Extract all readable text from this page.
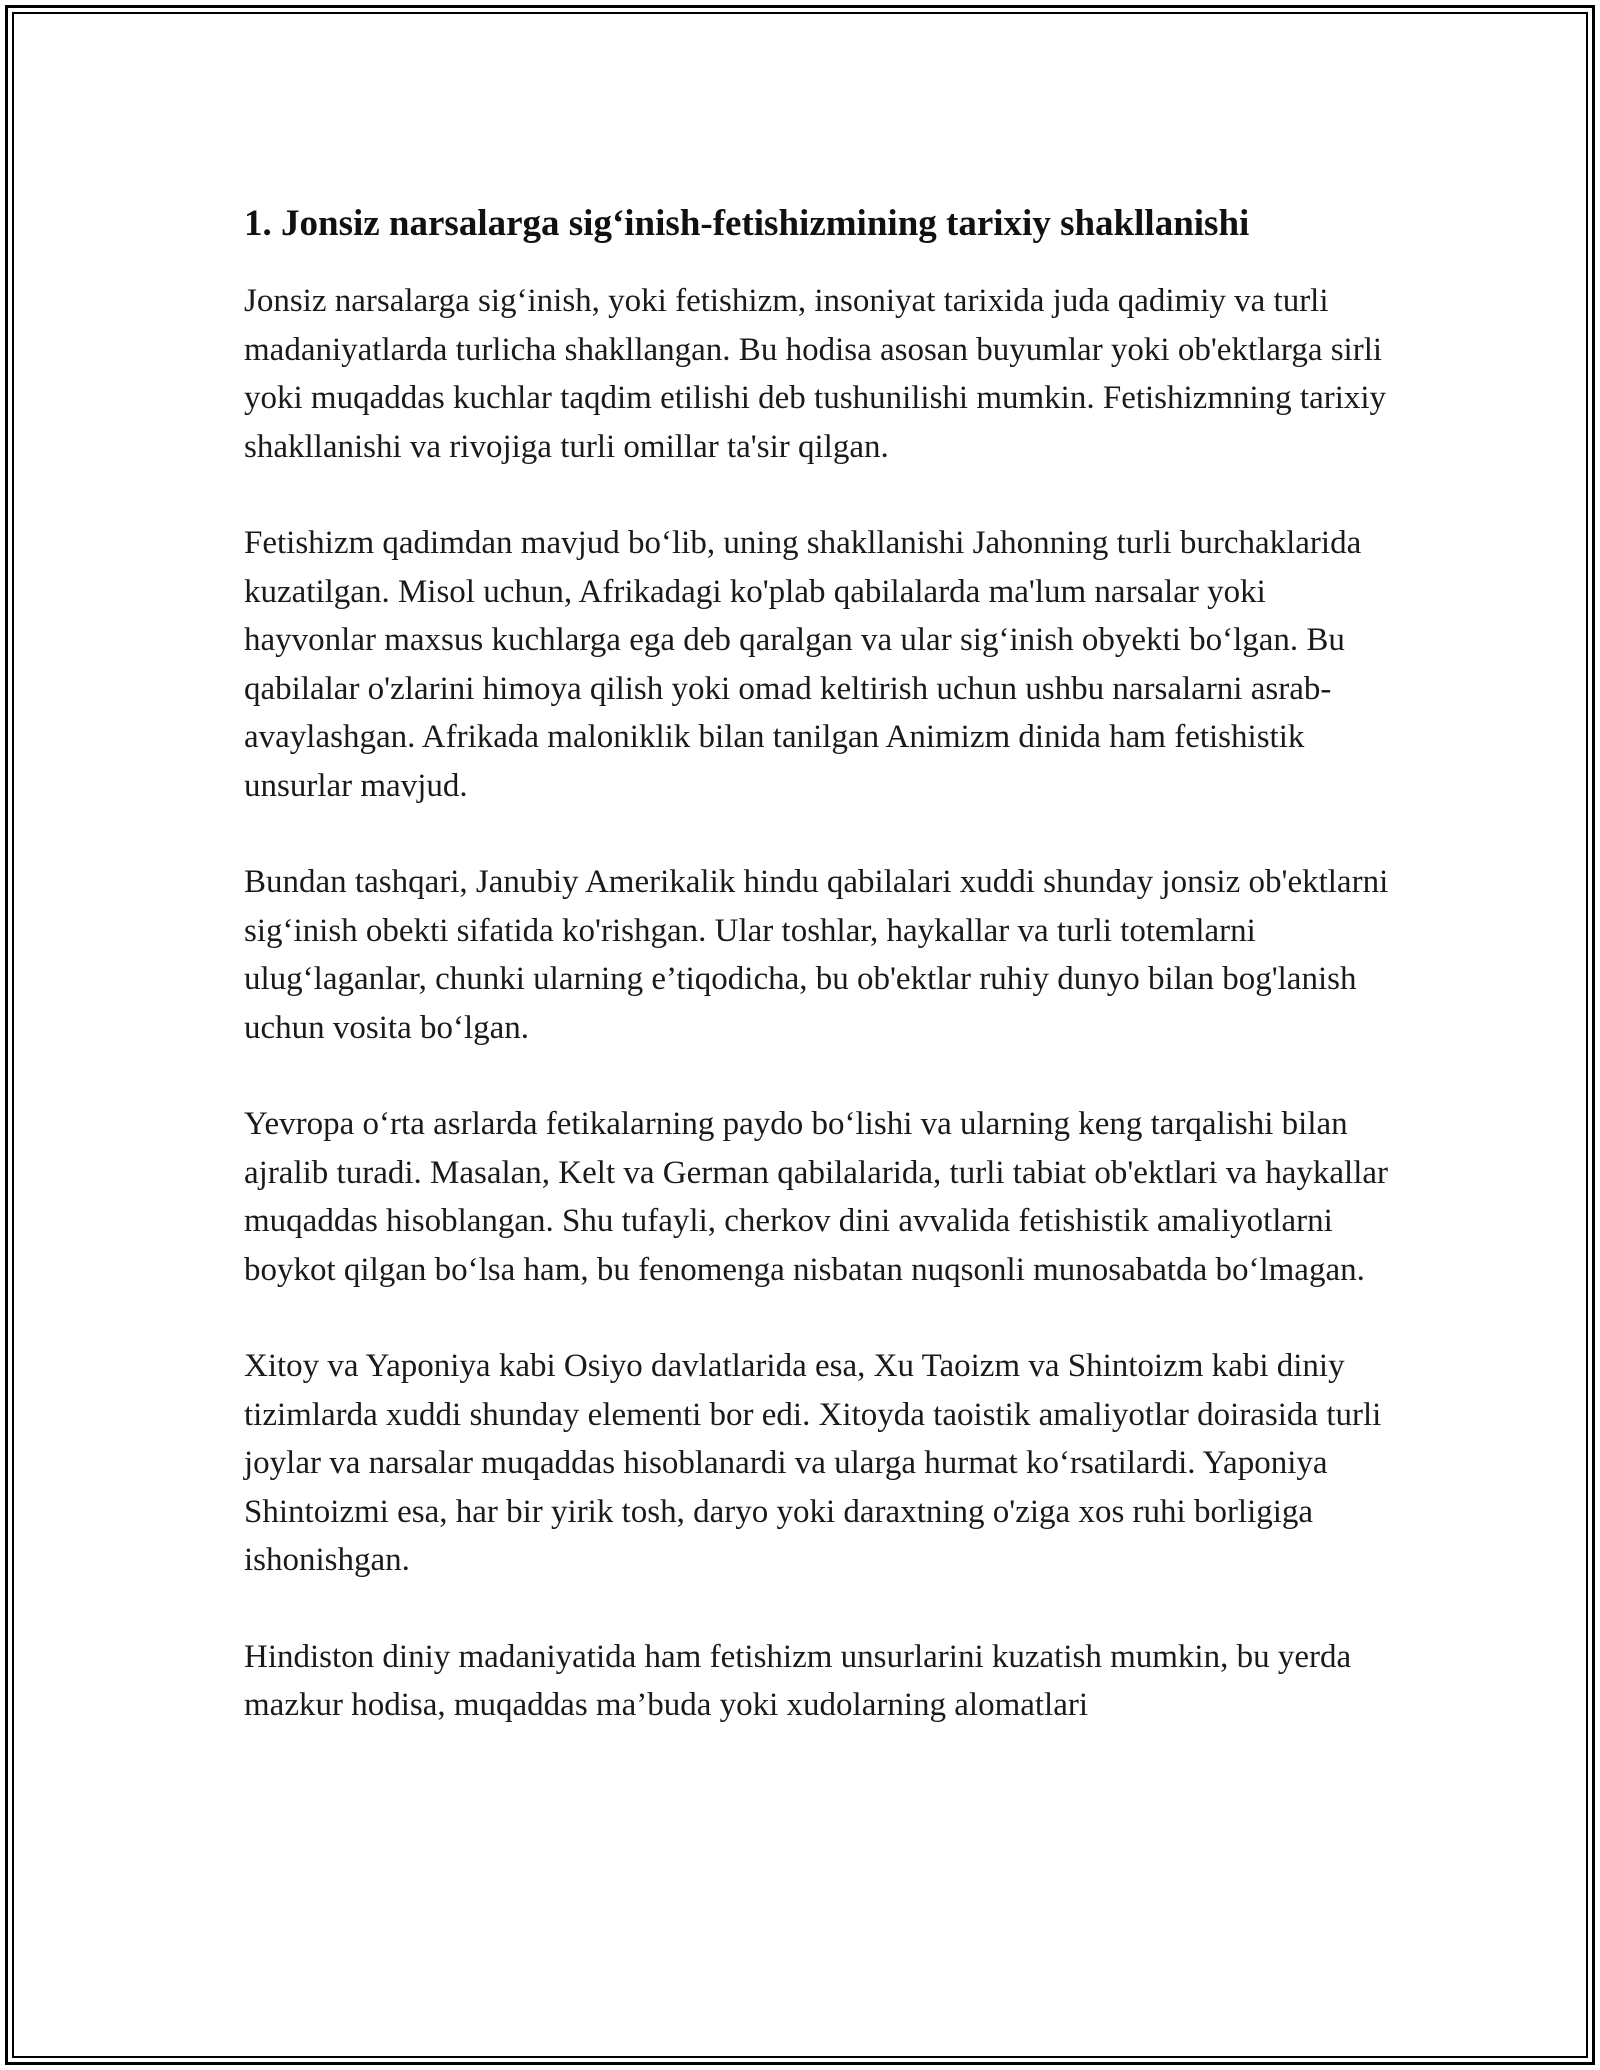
1. Jonsiz narsalarga sig‘inish-fetishizmining tarixiy shakllanishi

Jonsiz narsalarga sig‘inish, yoki fetishizm, insoniyat tarixida juda qadimiy va turli madaniyatlarda turlicha shakllangan. Bu hodisa asosan buyumlar yoki ob'ektlarga sirli yoki muqaddas kuchlar taqdim etilishi deb tushunilishi mumkin. Fetishizmning tarixiy shakllanishi va rivojiga turli omillar ta'sir qilgan.

Fetishizm qadimdan mavjud bo‘lib, uning shakllanishi Jahonning turli burchaklarida kuzatilgan. Misol uchun, Afrikadagi ko'plab qabilalarda ma'lum narsalar yoki hayvonlar maxsus kuchlarga ega deb qaralgan va ular sig‘inish obyekti bo‘lgan. Bu qabilalar o'zlarini himoya qilish yoki omad keltirish uchun ushbu narsalarni asrab-avaylashgan. Afrikada maloniklik bilan tanilgan Animizm dinida ham fetishistik unsurlar mavjud.

Bundan tashqari, Janubiy Amerikalik hindu qabilalari xuddi shunday jonsiz ob'ektlarni sig‘inish obekti sifatida ko'rishgan. Ular toshlar, haykallar va turli totemlarni ulug‘laganlar, chunki ularning e’tiqodicha, bu ob'ektlar ruhiy dunyo bilan bog'lanish uchun vosita bo‘lgan.

Yevropa o‘rta asrlarda fetikalarning paydo bo‘lishi va ularning keng tarqalishi bilan ajralib turadi. Masalan, Kelt va German qabilalarida, turli tabiat ob'ektlari va haykallar muqaddas hisoblangan. Shu tufayli, cherkov dini avvalida fetishistik amaliyotlarni boykot qilgan bo‘lsa ham, bu fenomenga nisbatan nuqsonli munosabatda bo‘lmagan.

Xitoy va Yaponiya kabi Osiyo davlatlarida esa, Xu Taoizm va Shintoizm kabi diniy tizimlarda xuddi shunday elementi bor edi. Xitoyda taoistik amaliyotlar doirasida turli joylar va narsalar muqaddas hisoblanardi va ularga hurmat ko‘rsatilardi. Yaponiya Shintoizmi esa, har bir yirik tosh, daryo yoki daraxtning o'ziga xos ruhi borligiga ishonishgan.

Hindiston diniy madaniyatida ham fetishizm unsurlarini kuzatish mumkin, bu yerda mazkur hodisa, muqaddas ma’buda yoki xudolarning alomatlari
